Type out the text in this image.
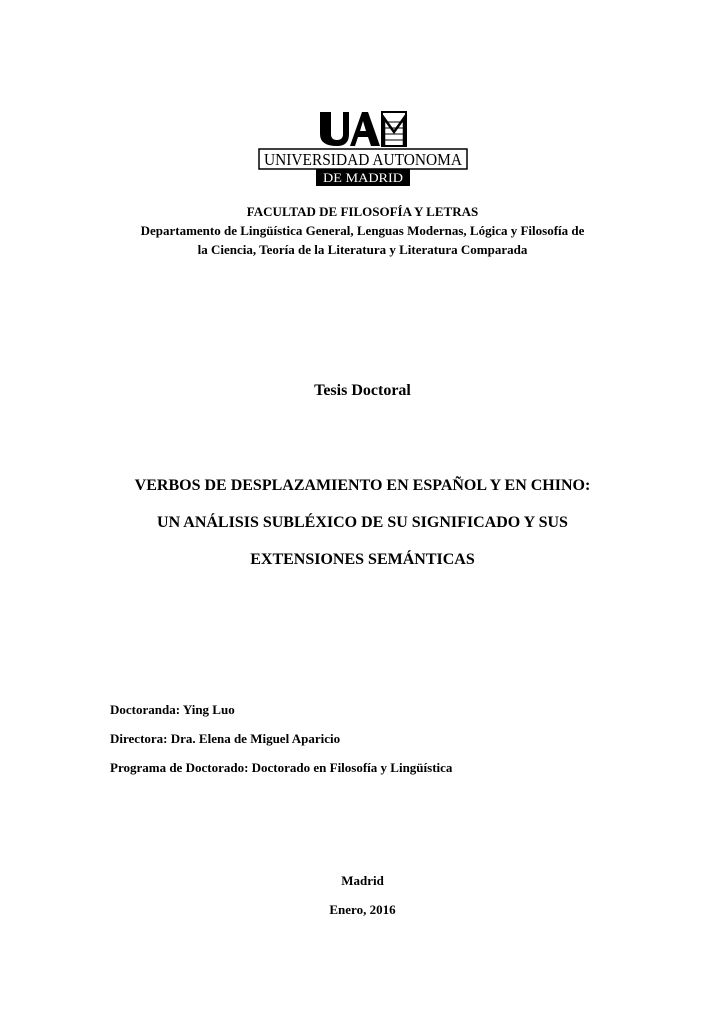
UNIVERSIDAD AUTONOMA
DE MADRID
FACULTAD DE FILOSOFÍA Y LETRAS
Departamento de Lingüística General, Lenguas Modernas, Lógica y Filosofía de
la Ciencia, Teoría de la Literatura y Literatura Comparada
Tesis Doctoral
VERBOS DE DESPLAZAMIENTO EN ESPAÑOL Y EN CHINO:
UN ANÁLISIS SUBLÉXICO DE SU SIGNIFICADO Y SUS
EXTENSIONES SEMÁNTICAS
Doctoranda: Ying Luo
Directora: Dra. Elena de Miguel Aparicio
Programa de Doctorado: Doctorado en Filosofía y Lingüística
Madrid
Enero, 2016
